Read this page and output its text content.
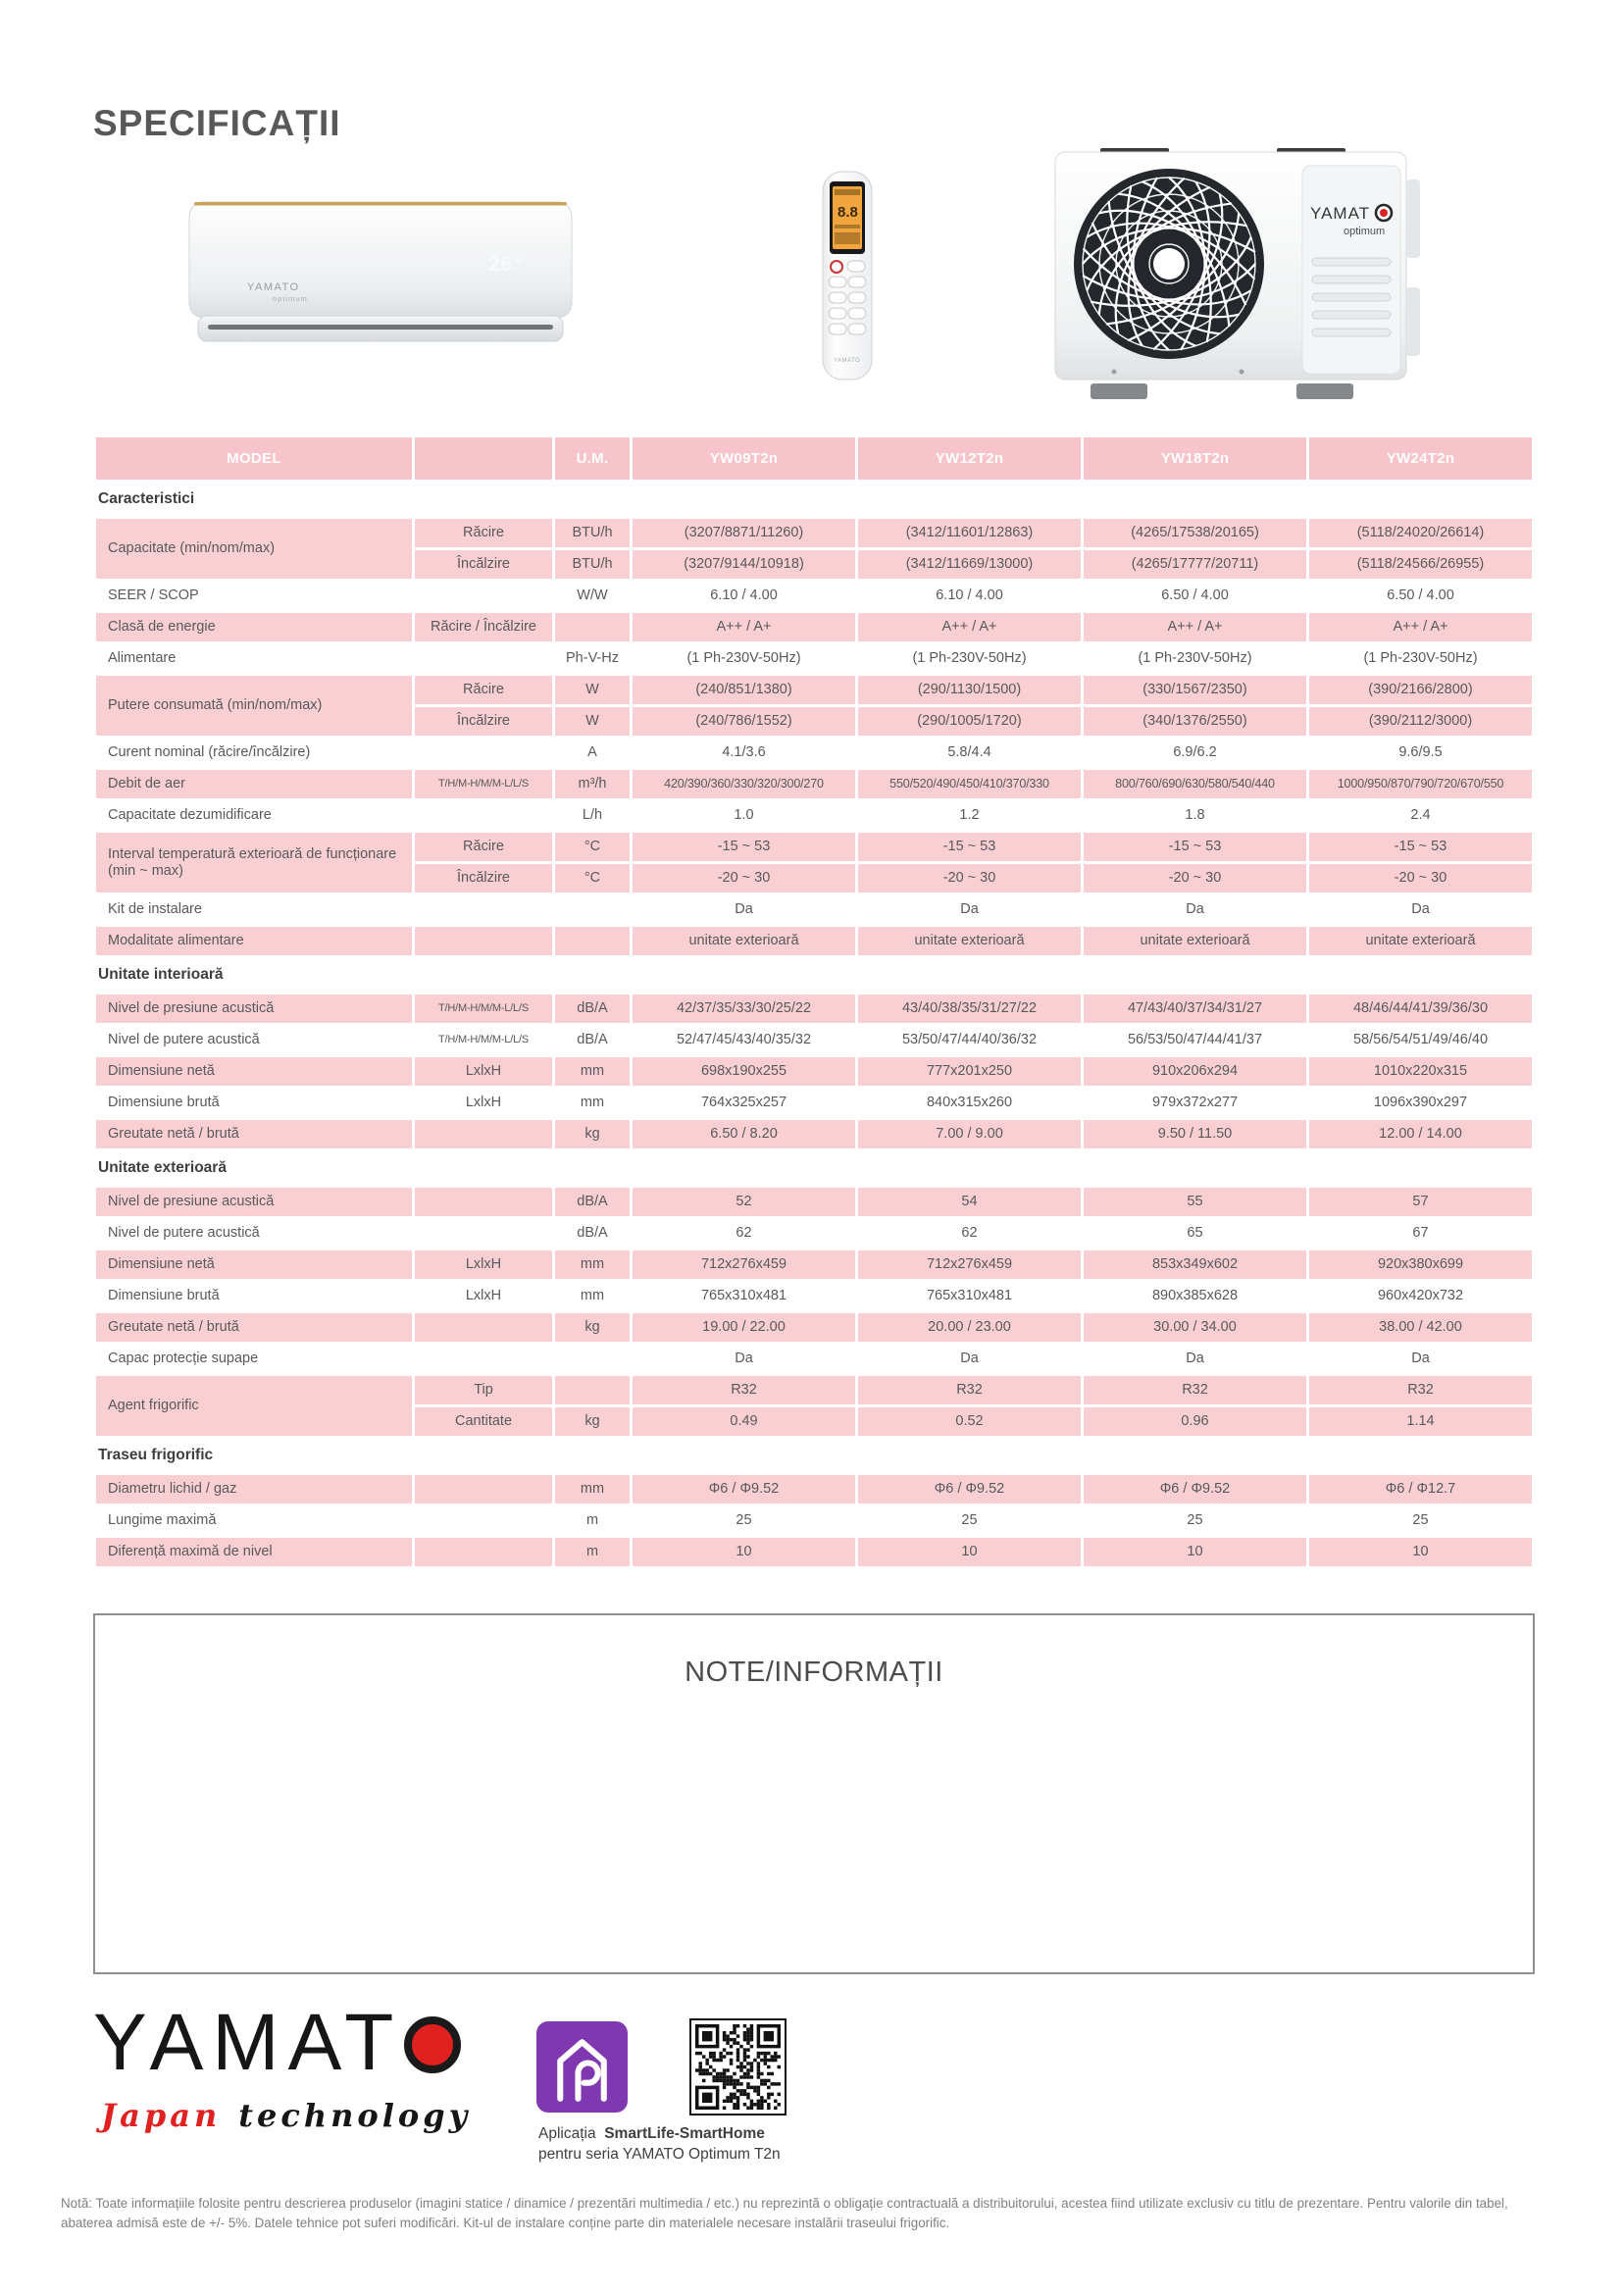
SPECIFICAȚII
YAMATO
optimum
26°
8.8
YAMATO
YAMAT
optimum
MODEL		U.M.	YW09T2n	YW12T2n	YW18T2n	YW24T2n
Caracteristici						
Capacitate (min/nom/max)	Răcire	BTU/h	(3207/8871/11260)	(3412/11601/12863)	(4265/17538/20165)	(5118/24020/26614)
	Încălzire	BTU/h	(3207/9144/10918)	(3412/11669/13000)	(4265/17777/20711)	(5118/24566/26955)
SEER / SCOP		W/W	6.10 / 4.00	6.10 / 4.00	6.50 / 4.00	6.50 / 4.00
Clasă de energie	Răcire / Încălzire		A++ / A+	A++ / A+	A++ / A+	A++ / A+
Alimentare		Ph-V-Hz	(1 Ph-230V-50Hz)	(1 Ph-230V-50Hz)	(1 Ph-230V-50Hz)	(1 Ph-230V-50Hz)
Putere consumată (min/nom/max)	Răcire	W	(240/851/1380)	(290/1130/1500)	(330/1567/2350)	(390/2166/2800)
	Încălzire	W	(240/786/1552)	(290/1005/1720)	(340/1376/2550)	(390/2112/3000)
Curent nominal (răcire/încălzire)		A	4.1/3.6	5.8/4.4	6.9/6.2	9.6/9.5
Debit de aer	T/H/M-H/M/M-L/L/S	m³/h	420/390/360/330/320/300/270	550/520/490/450/410/370/330	800/760/690/630/580/540/440	1000/950/870/790/720/670/550
Capacitate dezumidificare		L/h	1.0	1.2	1.8	2.4
Interval temperatură exterioară de funcționare (min ~ max)	Răcire	°C	-15 ~ 53	-15 ~ 53	-15 ~ 53	-15 ~ 53
	Încălzire	°C	-20 ~ 30	-20 ~ 30	-20 ~ 30	-20 ~ 30
Kit de instalare			Da	Da	Da	Da
Modalitate alimentare			unitate exterioară	unitate exterioară	unitate exterioară	unitate exterioară
Unitate interioară						
Nivel de presiune acustică	T/H/M-H/M/M-L/L/S	dB/A	42/37/35/33/30/25/22	43/40/38/35/31/27/22	47/43/40/37/34/31/27	48/46/44/41/39/36/30
Nivel de putere acustică	T/H/M-H/M/M-L/L/S	dB/A	52/47/45/43/40/35/32	53/50/47/44/40/36/32	56/53/50/47/44/41/37	58/56/54/51/49/46/40
Dimensiune netă	LxlxH	mm	698x190x255	777x201x250	910x206x294	1010x220x315
Dimensiune brută	LxlxH	mm	764x325x257	840x315x260	979x372x277	1096x390x297
Greutate netă / brută		kg	6.50 / 8.20	7.00 / 9.00	9.50 / 11.50	12.00 / 14.00
Unitate exterioară						
Nivel de presiune acustică		dB/A	52	54	55	57
Nivel de putere acustică		dB/A	62	62	65	67
Dimensiune netă	LxlxH	mm	712x276x459	712x276x459	853x349x602	920x380x699
Dimensiune brută	LxlxH	mm	765x310x481	765x310x481	890x385x628	960x420x732
Greutate netă / brută		kg	19.00 / 22.00	20.00 / 23.00	30.00 / 34.00	38.00 / 42.00
Capac protecție supape			Da	Da	Da	Da
Agent frigorific	Tip		R32	R32	R32	R32
	Cantitate	kg	0.49	0.52	0.96	1.14
Traseu frigorific						
Diametru lichid / gaz		mm	Φ6 / Φ9.52	Φ6 / Φ9.52	Φ6 / Φ9.52	Φ6 / Φ12.7
Lungime maximă		m	25	25	25	25
Diferență maximă de nivel		m	10	10	10	10
NOTE/INFORMAȚII
YAMAT
Japan technology	Aplicația SmartLife-SmartHome
pentru seria YAMATO Optimum T2n
Notă: Toate informațiile folosite pentru descrierea produselor (imagini statice / dinamice / prezentări multimedia / etc.) nu reprezintă o obligație contractuală a distribuitorului, acestea fiind utilizate exclusiv cu titlu de prezentare. Pentru valorile din tabel, abaterea admisă este de +/- 5%. Datele tehnice pot suferi modificări. Kit-ul de instalare conține parte din materialele necesare instalării traseului frigorific.
